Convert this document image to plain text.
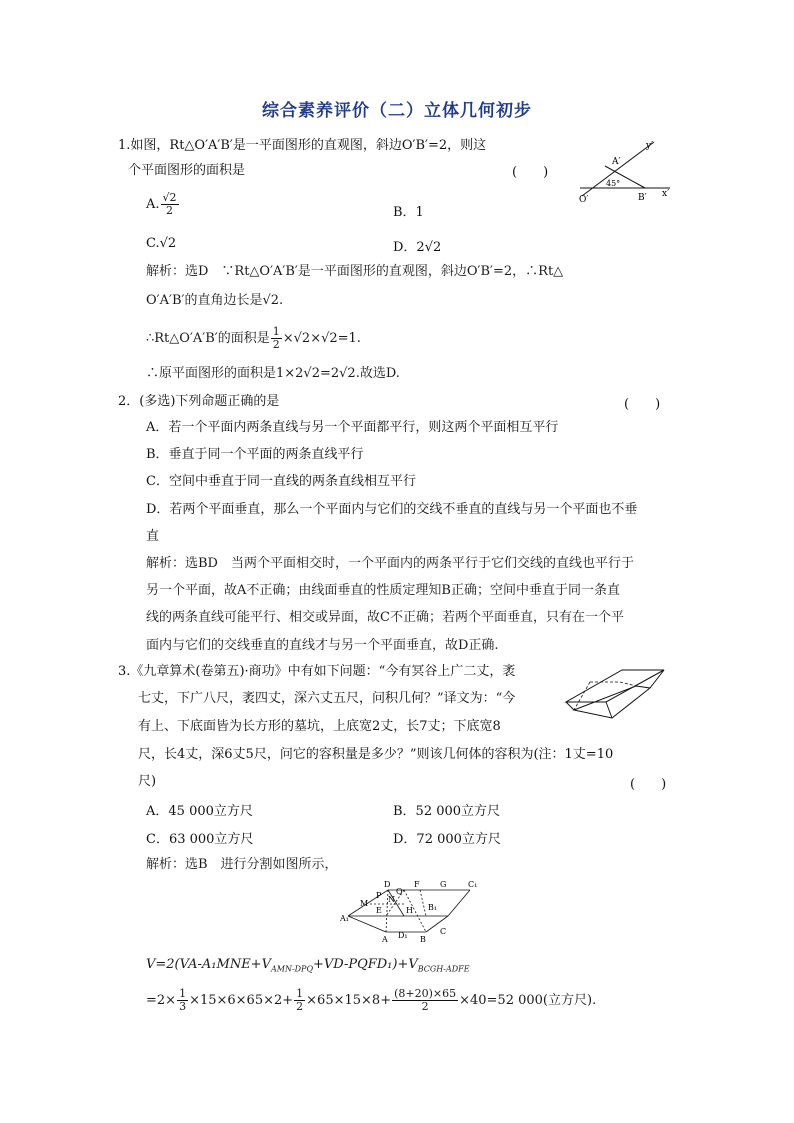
综合素养评价（二）立体几何初步
1.如图，Rt△O′A′B′是一平面图形的直观图，斜边O′B′=2，则这
个平面图形的面积是	(　　)
y′
x′
O′
A′
B′
45°
A. $\frac{√2}{2}$	B．1
C.√2	D．2√2
解析：选D　∵Rt△O′A′B′是一平面图形的直观图，斜边O′B′=2，∴Rt△
O′A′B′的直角边长是√2.
∴Rt△O′A′B′的面积是 $\frac{1}{2} \times√2\times√2=1$.
∴原平面图形的面积是1×2√2=2√2.故选D.
2．(多选)下列命题正确的是	(　　)
A．若一个平面内两条直线与另一个平面都平行，则这两个平面相互平行
B．垂直于同一个平面的两条直线平行
C．空间中垂直于同一直线的两条直线相互平行
D．若两个平面垂直，那么一个平面内与它们的交线不垂直的直线与另一个平面也不垂
直
解析：选BD　当两个平面相交时，一个平面内的两条平行于它们交线的直线也平行于
另一个平面，故A不正确；由线面垂直的性质定理知B正确；空间中垂直于同一条直
线的两条直线可能平行、相交或异面，故C不正确；若两个平面垂直，只有在一个平
面内与它们的交线垂直的直线才与另一个平面垂直，故D正确.
3.《九章算术(卷第五)·商功》中有如下问题：“今有冥谷上广二丈，袤
七丈，下广八尺，袤四丈，深六丈五尺，问积几何？”译文为：“今
有上、下底面皆为长方形的墓坑，上底宽2丈，长7丈；下底宽8
尺，长4丈，深6丈5尺，问它的容积量是多少？”则该几何体的容积为(注：1丈=10
尺)	(　　)
A．45 000立方尺	B．52 000立方尺
C．63 000立方尺	D．72 000立方尺
解析：选B　进行分割如图所示，
D
P Q
F	G	C₁
M N
E	H B₁
A₁
A	B
C
D₁
$V=2(VA-A_1MNE+V_{AMN-DPQ}+VD-PQFD_1)+V_{BCGH-ADFE}$
$=2\times \frac{1}{3} \times 15\times 6\times 65\times 2+ \frac{1}{2} \times 65\times 15\times 8+ \frac{(8+20)\times 65}{2} \times 40=52$ 000(立方尺).
